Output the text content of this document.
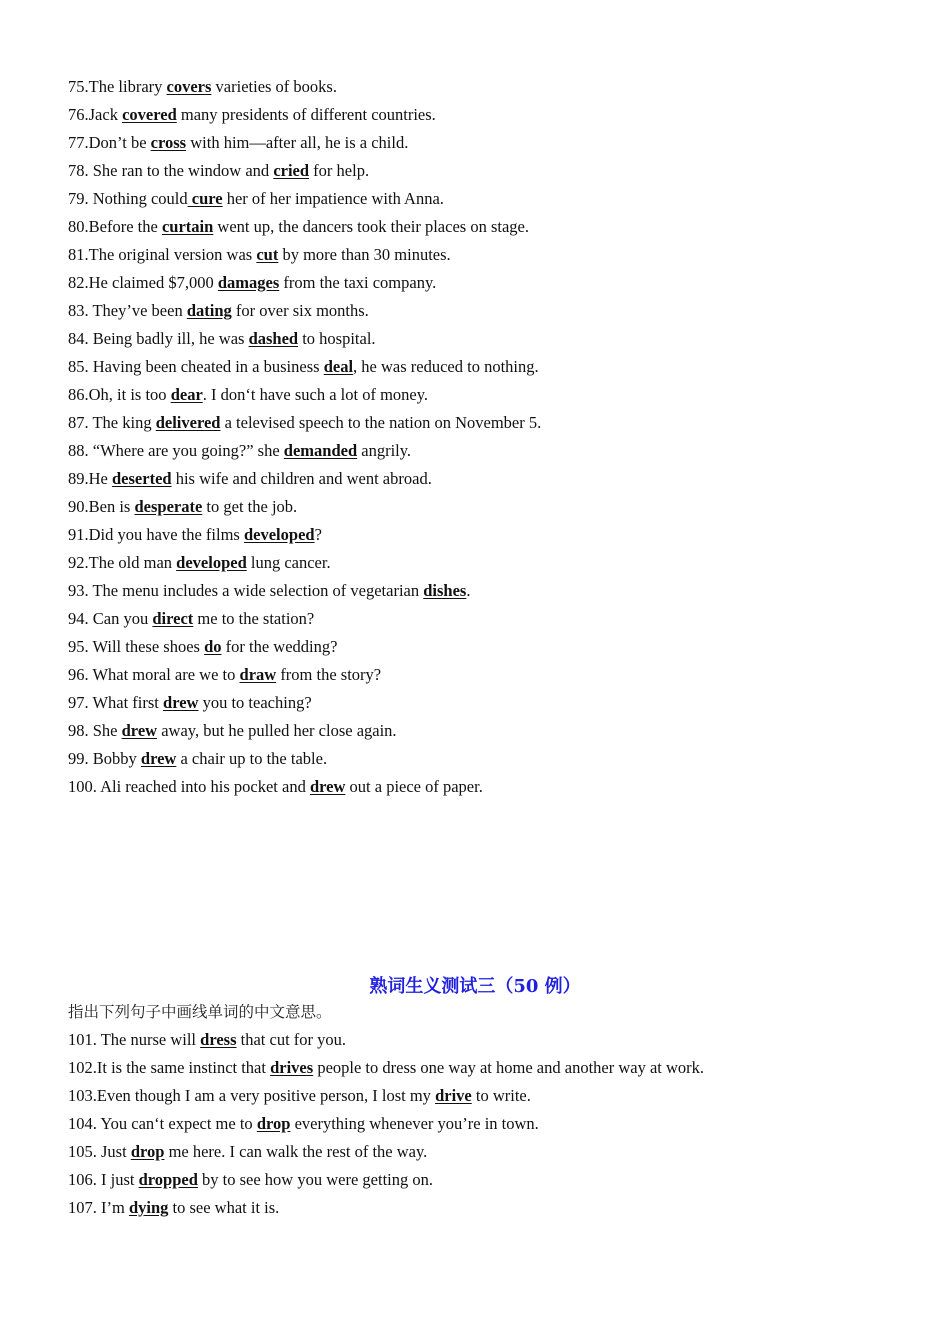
75.The library covers varieties of books.
76.Jack covered many presidents of different countries.
77.Don’t be cross with him—after all, he is a child.
78. She ran to the window and cried for help.
79. Nothing could cure her of her impatience with Anna.
80.Before the curtain went up, the dancers took their places on stage.
81.The original version was cut by more than 30 minutes.
82.He claimed $7,000 damages from the taxi company.
83. They’ve been dating for over six months.
84. Being badly ill, he was dashed to hospital.
85. Having been cheated in a business deal, he was reduced to nothing.
86.Oh, it is too dear. I don‘t have such a lot of money.
87. The king delivered a televised speech to the nation on November 5.
88. “Where are you going?” she demanded angrily.
89.He deserted his wife and children and went abroad.
90.Ben is desperate to get the job.
91.Did you have the films developed?
92.The old man developed lung cancer.
93. The menu includes a wide selection of vegetarian dishes.
94. Can you direct me to the station?
95. Will these shoes do for the wedding?
96. What moral are we to draw from the story?
97. What first drew you to teaching?
98. She drew away, but he pulled her close again.
99. Bobby drew a chair up to the table.
100. Ali reached into his pocket and drew out a piece of paper.
熟词生义测试三（50 例）
指出下列句子中画线单词的中文意思。
101. The nurse will dress that cut for you.
102.It is the same instinct that drives people to dress one way at home and another way at work.
103.Even though I am a very positive person, I lost my drive to write.
104. You can‘t expect me to drop everything whenever you’re in town.
105. Just drop me here. I can walk the rest of the way.
106. I just dropped by to see how you were getting on.
107. I’m dying to see what it is.
